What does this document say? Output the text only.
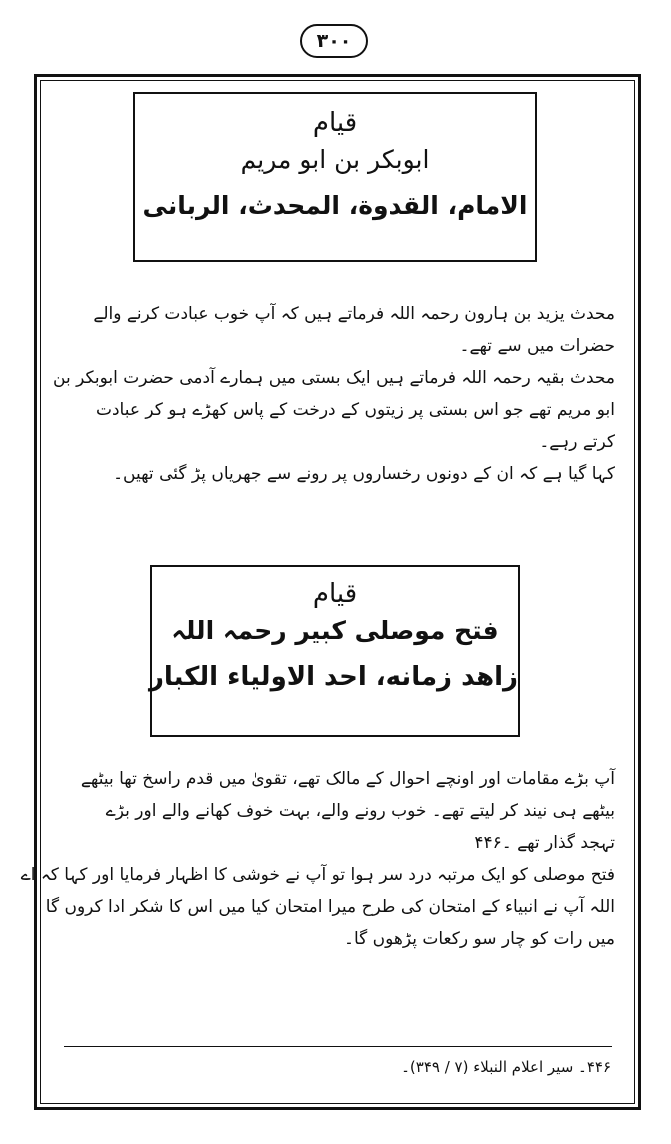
۳۰۰
قیام
ابوبکر بن ابو مریم
الامام، القدوة، المحدث، الربانی
محدث یزید بن ہارون رحمہ اللہ فرماتے ہیں کہ آپ خوب عبادت کرنے والے
حضرات میں سے تھے۔
محدث بقیہ رحمہ اللہ فرماتے ہیں ایک بستی میں ہمارے آدمی حضرت ابوبکر بن
ابو مریم تھے جو اس بستی پر زیتوں کے درخت کے پاس کھڑے ہو کر عبادت
کرتے رہے۔
کہا گیا ہے کہ ان کے دونوں رخساروں پر رونے سے جھریاں پڑ گئی تھیں۔
قیام
فتح موصلی کبیر رحمہ اللہ
زاهد زمانه، احد الاولياء الكبار
آپ بڑے مقامات اور اونچے احوال کے مالک تھے، تقویٰ میں قدم راسخ تھا بیٹھے
بیٹھے ہی نیند کر لیتے تھے۔ خوب رونے والے، بہت خوف کھانے والے اور بڑے
تہجد گذار تھے ۔۴۴۶
فتح موصلی کو ایک مرتبہ درد سر ہوا تو آپ نے خوشی کا اظہار فرمایا اور کہا کہ اے
اللہ آپ نے انبیاء کے امتحان کی طرح میرا امتحان کیا میں اس کا شکر ادا کروں گا
میں رات کو چار سو رکعات پڑھوں گا۔
۴۴۶۔ سیر اعلام النبلاء (۷ / ۳۴۹)۔
